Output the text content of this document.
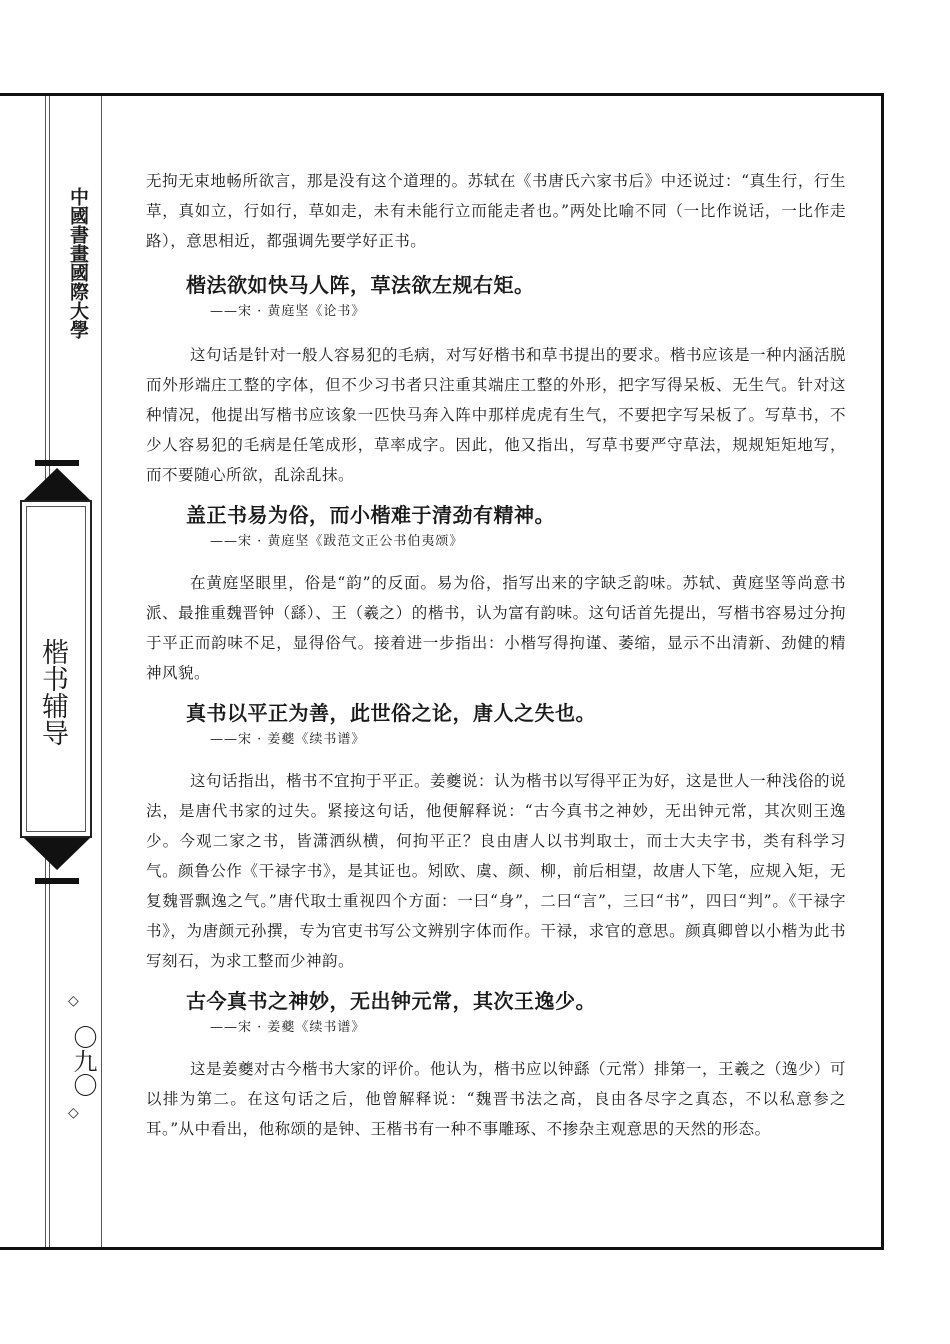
中國書畫國際大學
楷书辅导
◇
〇九〇
◇

无拘无束地畅所欲言，那是没有这个道理的。苏轼在《书唐氏六家书后》中还说过：“真生行，行生草，真如立，行如行，草如走，未有未能行立而能走者也。”两处比喻不同（一比作说话，一比作走路），意思相近，都强调先要学好正书。

楷法欲如快马人阵，草法欲左规右矩。
——宋 · 黄庭坚《论书》

这句话是针对一般人容易犯的毛病，对写好楷书和草书提出的要求。楷书应该是一种内涵活脱而外形端庄工整的字体，但不少习书者只注重其端庄工整的外形，把字写得呆板、无生气。针对这种情况，他提出写楷书应该象一匹快马奔入阵中那样虎虎有生气，不要把字写呆板了。写草书，不少人容易犯的毛病是任笔成形，草率成字。因此，他又指出，写草书要严守草法，规规矩矩地写，而不要随心所欲，乱涂乱抹。

盖正书易为俗，而小楷难于清劲有精神。
——宋 · 黄庭坚《跋范文正公书伯夷颂》

在黄庭坚眼里，俗是“韵”的反面。易为俗，指写出来的字缺乏韵味。苏轼、黄庭坚等尚意书派、最推重魏晋钟（繇）、王（羲之）的楷书，认为富有韵味。这句话首先提出，写楷书容易过分拘于平正而韵味不足，显得俗气。接着进一步指出：小楷写得拘谨、萎缩，显示不出清新、劲健的精神风貌。

真书以平正为善，此世俗之论，唐人之失也。
——宋 · 姜夔《续书谱》

这句话指出，楷书不宜拘于平正。姜夔说：认为楷书以写得平正为好，这是世人一种浅俗的说法，是唐代书家的过失。紧接这句话，他便解释说：“古今真书之神妙，无出钟元常，其次则王逸少。今观二家之书，皆潇洒纵横，何拘平正？良由唐人以书判取士，而士大夫字书，类有科学习气。颜鲁公作《干禄字书》，是其证也。矧欧、虞、颜、柳，前后相望，故唐人下笔，应规入矩，无复魏晋飘逸之气。”唐代取士重视四个方面：一曰“身”，二曰“言”，三曰“书”，四曰“判”。《干禄字书》，为唐颜元孙撰，专为官吏书写公文辨别字体而作。干禄，求官的意思。颜真卿曾以小楷为此书写刻石，为求工整而少神韵。

古今真书之神妙，无出钟元常，其次王逸少。
——宋 · 姜夔《续书谱》

这是姜夔对古今楷书大家的评价。他认为，楷书应以钟繇（元常）排第一，王羲之（逸少）可以排为第二。在这句话之后，他曾解释说：“魏晋书法之高，良由各尽字之真态，不以私意参之耳。”从中看出，他称颂的是钟、王楷书有一种不事雕琢、不掺杂主观意思的天然的形态。
